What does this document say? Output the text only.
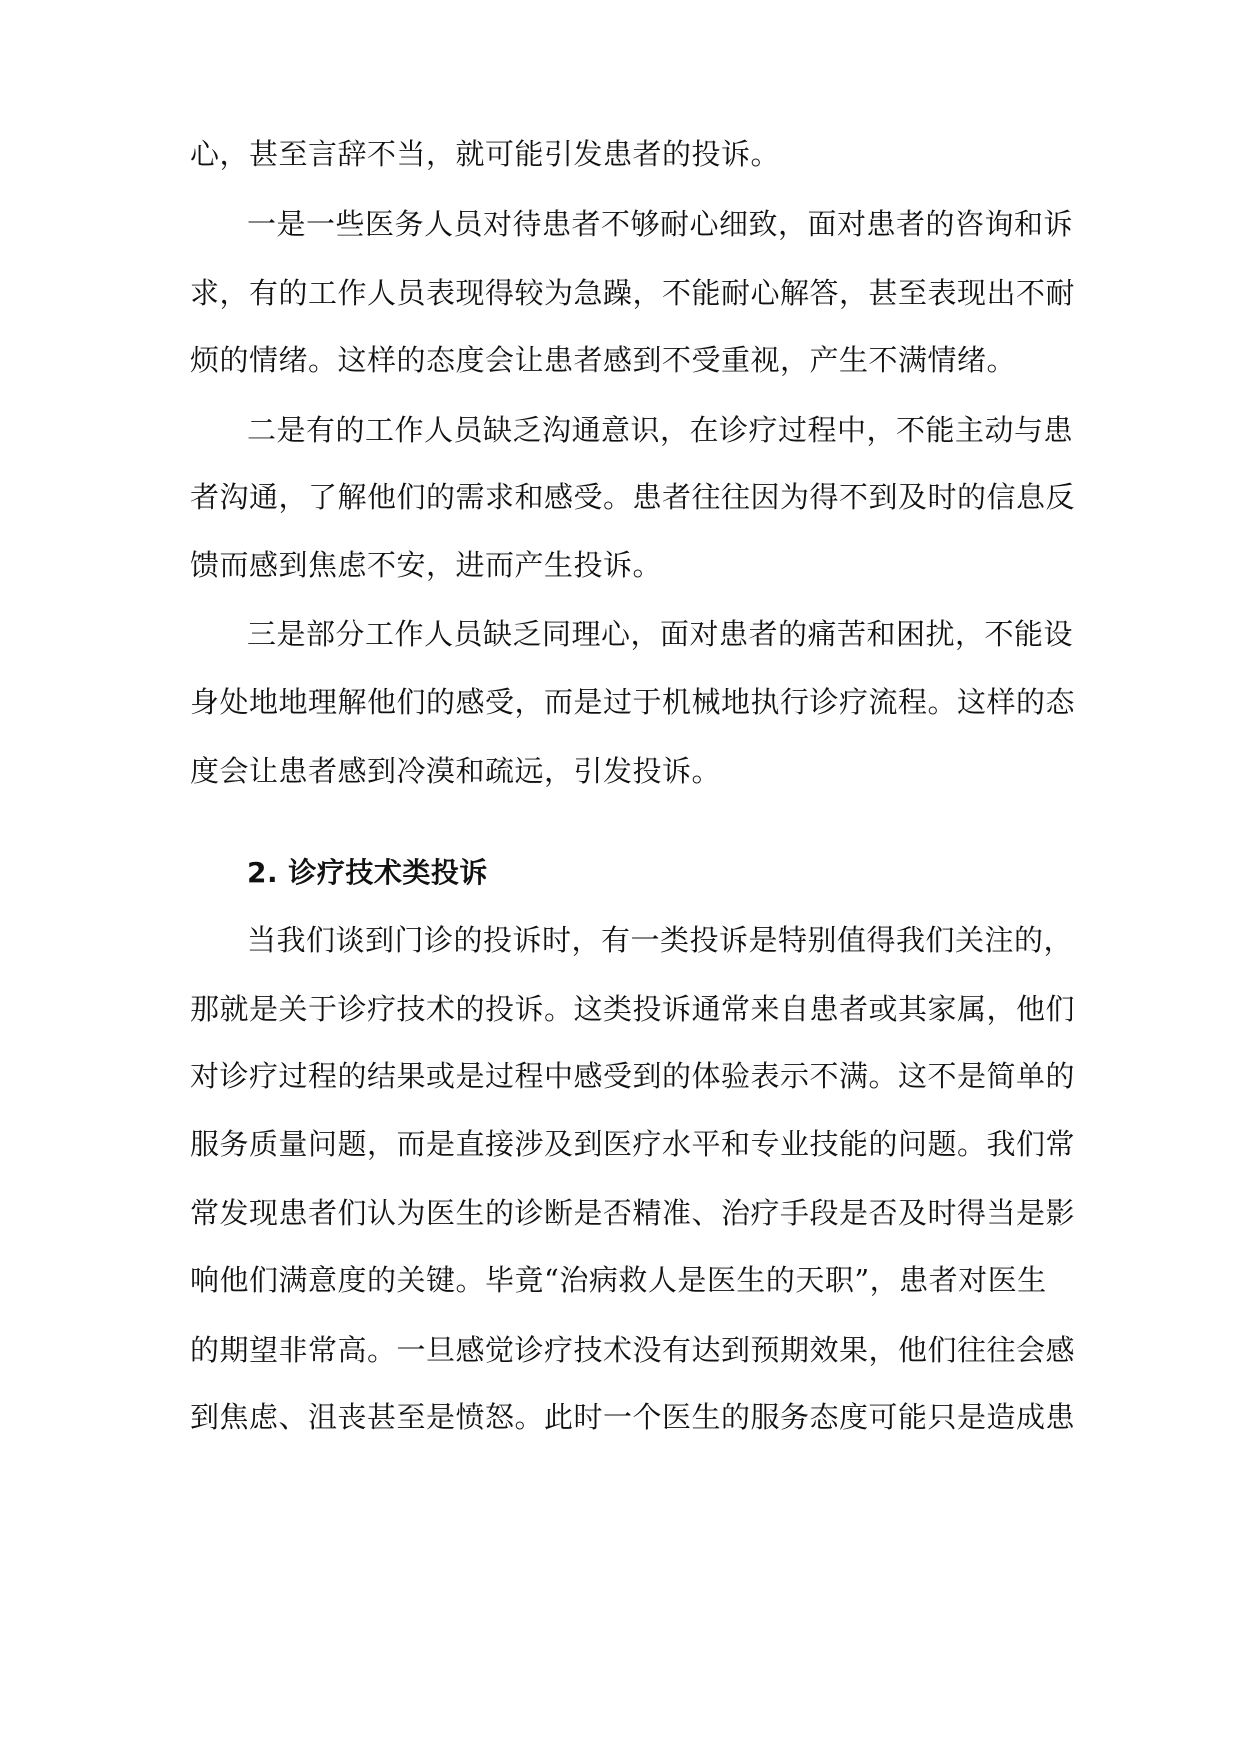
心，甚至言辞不当，就可能引发患者的投诉。
一是一些医务人员对待患者不够耐心细致，面对患者的咨询和诉
求，有的工作人员表现得较为急躁，不能耐心解答，甚至表现出不耐
烦的情绪。这样的态度会让患者感到不受重视，产生不满情绪。
二是有的工作人员缺乏沟通意识，在诊疗过程中，不能主动与患
者沟通，了解他们的需求和感受。患者往往因为得不到及时的信息反
馈而感到焦虑不安，进而产生投诉。
三是部分工作人员缺乏同理心，面对患者的痛苦和困扰，不能设
身处地地理解他们的感受，而是过于机械地执行诊疗流程。这样的态
度会让患者感到冷漠和疏远，引发投诉。
2. 诊疗技术类投诉
当我们谈到门诊的投诉时，有一类投诉是特别值得我们关注的，
那就是关于诊疗技术的投诉。这类投诉通常来自患者或其家属，他们
对诊疗过程的结果或是过程中感受到的体验表示不满。这不是简单的
服务质量问题，而是直接涉及到医疗水平和专业技能的问题。我们常
常发现患者们认为医生的诊断是否精准、治疗手段是否及时得当是影
响他们满意度的关键。毕竟“治病救人是医生的天职”，患者对医生
的期望非常高。一旦感觉诊疗技术没有达到预期效果，他们往往会感
到焦虑、沮丧甚至是愤怒。此时一个医生的服务态度可能只是造成患
